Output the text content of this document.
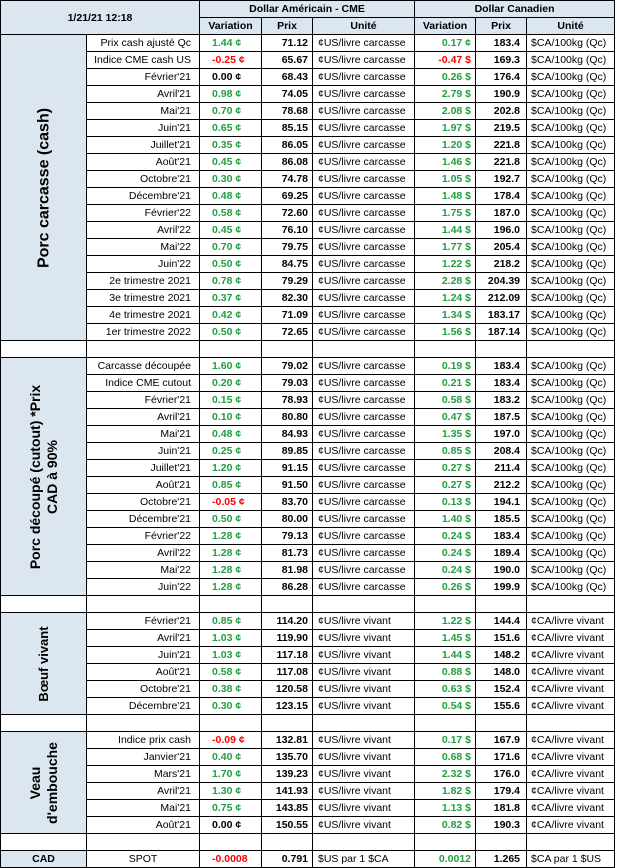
1/21/21 12:18		Dollar Américain - CME			Dollar Canadien		
		Variation	Prix	Unité	Variation	Prix	Unité

Porc carcasse (cash)	Prix cash ajusté Qc	1.44 ¢	71.12	¢US/livre carcasse	0.17 ¢	183.4	$CA/100kg (Qc)
	Indice CME cash US	-0.25 ¢	65.67	¢US/livre carcasse	-0.47 $	169.3	$CA/100kg (Qc)
	Février'21	0.00 ¢	68.43	¢US/livre carcasse	0.26 $	176.4	$CA/100kg (Qc)
	Avril'21	0.98 ¢	74.05	¢US/livre carcasse	2.79 $	190.9	$CA/100kg (Qc)
	Mai'21	0.70 ¢	78.68	¢US/livre carcasse	2.08 $	202.8	$CA/100kg (Qc)
	Juin'21	0.65 ¢	85.15	¢US/livre carcasse	1.97 $	219.5	$CA/100kg (Qc)
	Juillet'21	0.35 ¢	86.05	¢US/livre carcasse	1.20 $	221.8	$CA/100kg (Qc)
	Août'21	0.45 ¢	86.08	¢US/livre carcasse	1.46 $	221.8	$CA/100kg (Qc)
	Octobre'21	0.30 ¢	74.78	¢US/livre carcasse	1.05 $	192.7	$CA/100kg (Qc)
	Décembre'21	0.48 ¢	69.25	¢US/livre carcasse	1.48 $	178.4	$CA/100kg (Qc)
	Février'22	0.58 ¢	72.60	¢US/livre carcasse	1.75 $	187.0	$CA/100kg (Qc)
	Avril'22	0.45 ¢	76.10	¢US/livre carcasse	1.44 $	196.0	$CA/100kg (Qc)
	Mai'22	0.70 ¢	79.75	¢US/livre carcasse	1.77 $	205.4	$CA/100kg (Qc)
	Juin'22	0.50 ¢	84.75	¢US/livre carcasse	1.22 $	218.2	$CA/100kg (Qc)
	2e trimestre 2021	0.78 ¢	79.29	¢US/livre carcasse	2.28 $	204.39	$CA/100kg (Qc)
	3e trimestre 2021	0.37 ¢	82.30	¢US/livre carcasse	1.24 $	212.09	$CA/100kg (Qc)
	4e trimestre 2021	0.42 ¢	71.09	¢US/livre carcasse	1.34 $	183.17	$CA/100kg (Qc)
	1er trimestre 2022	0.50 ¢	72.65	¢US/livre carcasse	1.56 $	187.14	$CA/100kg (Qc)

Porc découpé (cutout) *Prix CAD à 90%	Carcasse découpée	1.60 ¢	79.02	¢US/livre carcasse	0.19 $	183.4	$CA/100kg (Qc)
	Indice CME cutout	0.20 ¢	79.03	¢US/livre carcasse	0.21 $	183.4	$CA/100kg (Qc)
	Février'21	0.15 ¢	78.93	¢US/livre carcasse	0.58 $	183.2	$CA/100kg (Qc)
	Avril'21	0.10 ¢	80.80	¢US/livre carcasse	0.47 $	187.5	$CA/100kg (Qc)
	Mai'21	0.48 ¢	84.93	¢US/livre carcasse	1.35 $	197.0	$CA/100kg (Qc)
	Juin'21	0.25 ¢	89.85	¢US/livre carcasse	0.85 $	208.4	$CA/100kg (Qc)
	Juillet'21	1.20 ¢	91.15	¢US/livre carcasse	0.27 $	211.4	$CA/100kg (Qc)
	Août'21	0.85 ¢	91.50	¢US/livre carcasse	0.27 $	212.2	$CA/100kg (Qc)
	Octobre'21	-0.05 ¢	83.70	¢US/livre carcasse	0.13 $	194.1	$CA/100kg (Qc)
	Décembre'21	0.50 ¢	80.00	¢US/livre carcasse	1.40 $	185.5	$CA/100kg (Qc)
	Février'22	1.28 ¢	79.13	¢US/livre carcasse	0.24 $	183.4	$CA/100kg (Qc)
	Avril'22	1.28 ¢	81.73	¢US/livre carcasse	0.24 $	189.4	$CA/100kg (Qc)
	Mai'22	1.28 ¢	81.98	¢US/livre carcasse	0.24 $	190.0	$CA/100kg (Qc)
	Juin'22	1.28 ¢	86.28	¢US/livre carcasse	0.26 $	199.9	$CA/100kg (Qc)

Bœuf vivant	Février'21	0.85 ¢	114.20	¢US/livre vivant	1.22 $	144.4	¢CA/livre vivant
	Avril'21	1.03 ¢	119.90	¢US/livre vivant	1.45 $	151.6	¢CA/livre vivant
	Juin'21	1.03 ¢	117.18	¢US/livre vivant	1.44 $	148.2	¢CA/livre vivant
	Août'21	0.58 ¢	117.08	¢US/livre vivant	0.88 $	148.0	¢CA/livre vivant
	Octobre'21	0.38 ¢	120.58	¢US/livre vivant	0.63 $	152.4	¢CA/livre vivant
	Décembre'21	0.30 ¢	123.15	¢US/livre vivant	0.54 $	155.6	¢CA/livre vivant

Veau d'embouche	Indice prix cash	-0.09 ¢	132.81	¢US/livre vivant	0.17 $	167.9	¢CA/livre vivant
	Janvier'21	0.40 ¢	135.70	¢US/livre vivant	0.68 $	171.6	¢CA/livre vivant
	Mars'21	1.70 ¢	139.23	¢US/livre vivant	2.32 $	176.0	¢CA/livre vivant
	Avril'21	1.30 ¢	141.93	¢US/livre vivant	1.82 $	179.4	¢CA/livre vivant
	Mai'21	0.75 ¢	143.85	¢US/livre vivant	1.13 $	181.8	¢CA/livre vivant
	Août'21	0.00 ¢	150.55	¢US/livre vivant	0.82 $	190.3	¢CA/livre vivant

CAD	SPOT	-0.0008	0.791	$US par 1 $CA	0.0012	1.265	$CA par 1 $US
